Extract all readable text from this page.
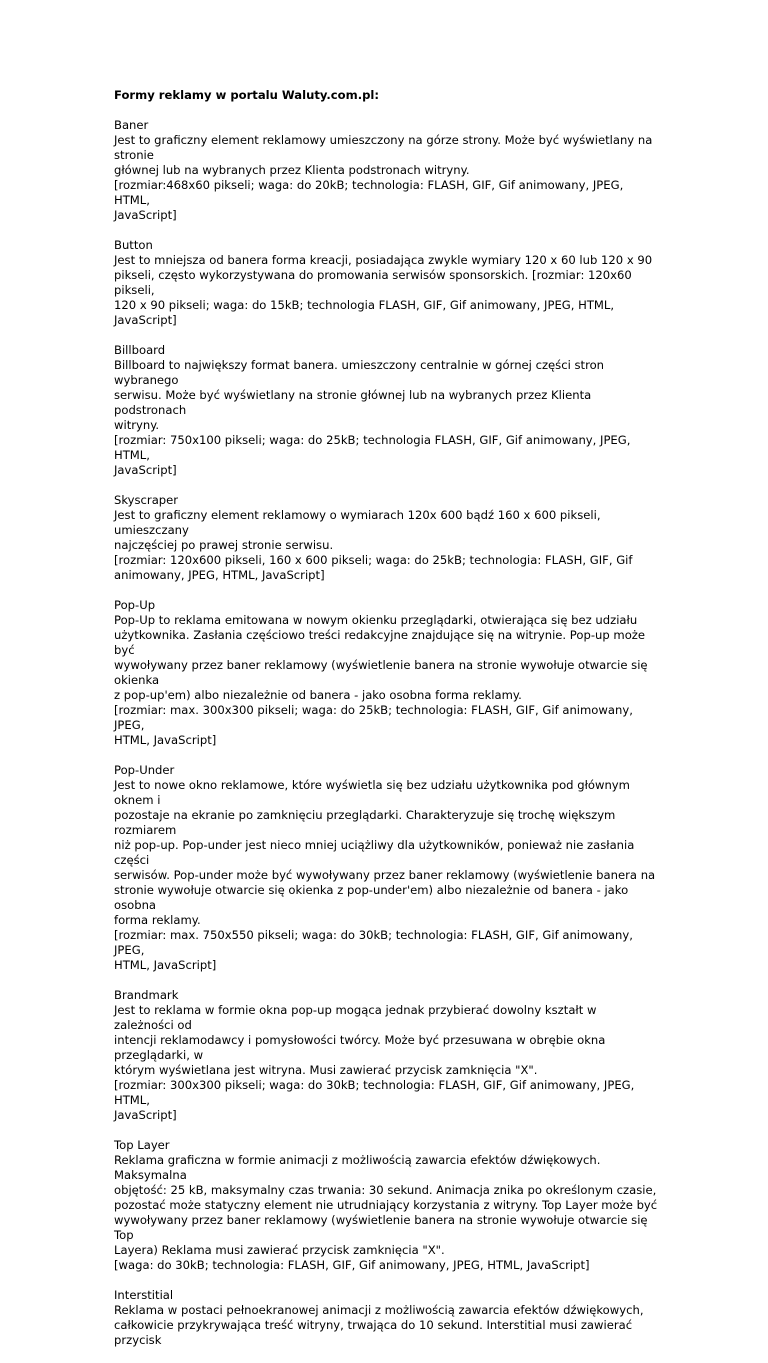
Formy reklamy w portalu Waluty.com.pl:

Baner

Jest to graficzny element reklamowy umieszczony na górze strony. Może być wyświetlany na stronie
głównej lub na wybranych przez Klienta podstronach witryny.
[rozmiar:468x60 pikseli; waga: do 20kB; technologia: FLASH, GIF, Gif animowany, JPEG, HTML,
JavaScript]

Button

Jest to mniejsza od banera forma kreacji, posiadająca zwykle wymiary 120 x 60 lub 120 x 90
pikseli, często wykorzystywana do promowania serwisów sponsorskich. [rozmiar: 120x60 pikseli,
120 x 90 pikseli; waga: do 15kB; technologia FLASH, GIF, Gif animowany, JPEG, HTML, JavaScript]

Billboard

Billboard to największy format banera. umieszczony centralnie w górnej części stron wybranego
serwisu. Może być wyświetlany na stronie głównej lub na wybranych przez Klienta podstronach
witryny.
[rozmiar: 750x100 pikseli; waga: do 25kB; technologia FLASH, GIF, Gif animowany, JPEG, HTML,
JavaScript]

Skyscraper

Jest to graficzny element reklamowy o wymiarach 120x 600 bądź 160 x 600 pikseli, umieszczany
najczęściej po prawej stronie serwisu.
[rozmiar: 120x600 pikseli, 160 x 600 pikseli; waga: do 25kB; technologia: FLASH, GIF, Gif
animowany, JPEG, HTML, JavaScript]

Pop-Up

Pop-Up to reklama emitowana w nowym okienku przeglądarki, otwierająca się bez udziału
użytkownika. Zasłania częściowo treści redakcyjne znajdujące się na witrynie. Pop-up może być
wywoływany przez baner reklamowy (wyświetlenie banera na stronie wywołuje otwarcie się okienka
z pop-up'em) albo niezależnie od banera - jako osobna forma reklamy.
[rozmiar: max. 300x300 pikseli; waga: do 25kB; technologia: FLASH, GIF, Gif animowany, JPEG,
HTML, JavaScript]

Pop-Under

Jest to nowe okno reklamowe, które wyświetla się bez udziału użytkownika pod głównym oknem i
pozostaje na ekranie po zamknięciu przeglądarki. Charakteryzuje się trochę większym rozmiarem
niż pop-up. Pop-under jest nieco mniej uciążliwy dla użytkowników, ponieważ nie zasłania części
serwisów. Pop-under może być wywoływany przez baner reklamowy (wyświetlenie banera na
stronie wywołuje otwarcie się okienka z pop-under'em) albo niezależnie od banera - jako osobna
forma reklamy.
[rozmiar: max. 750x550 pikseli; waga: do 30kB; technologia: FLASH, GIF, Gif animowany, JPEG,
HTML, JavaScript]

Brandmark

Jest to reklama w formie okna pop-up mogąca jednak przybierać dowolny kształt w zależności od
intencji reklamodawcy i pomysłowości twórcy. Może być przesuwana w obrębie okna przeglądarki, w
którym wyświetlana jest witryna. Musi zawierać przycisk zamknięcia "X".
[rozmiar: 300x300 pikseli; waga: do 30kB; technologia: FLASH, GIF, Gif animowany, JPEG, HTML,
JavaScript]

Top Layer

Reklama graficzna w formie animacji z możliwością zawarcia efektów dźwiękowych. Maksymalna
objętość: 25 kB, maksymalny czas trwania: 30 sekund. Animacja znika po określonym czasie,
pozostać może statyczny element nie utrudniający korzystania z witryny. Top Layer może być
wywoływany przez baner reklamowy (wyświetlenie banera na stronie wywołuje otwarcie się Top
Layera) Reklama musi zawierać przycisk zamknięcia "X".
[waga: do 30kB; technologia: FLASH, GIF, Gif animowany, JPEG, HTML, JavaScript]

Interstitial

Reklama w postaci pełnoekranowej animacji z możliwością zawarcia efektów dźwiękowych,
całkowicie przykrywająca treść witryny, trwająca do 10 sekund. Interstitial musi zawierać przycisk
